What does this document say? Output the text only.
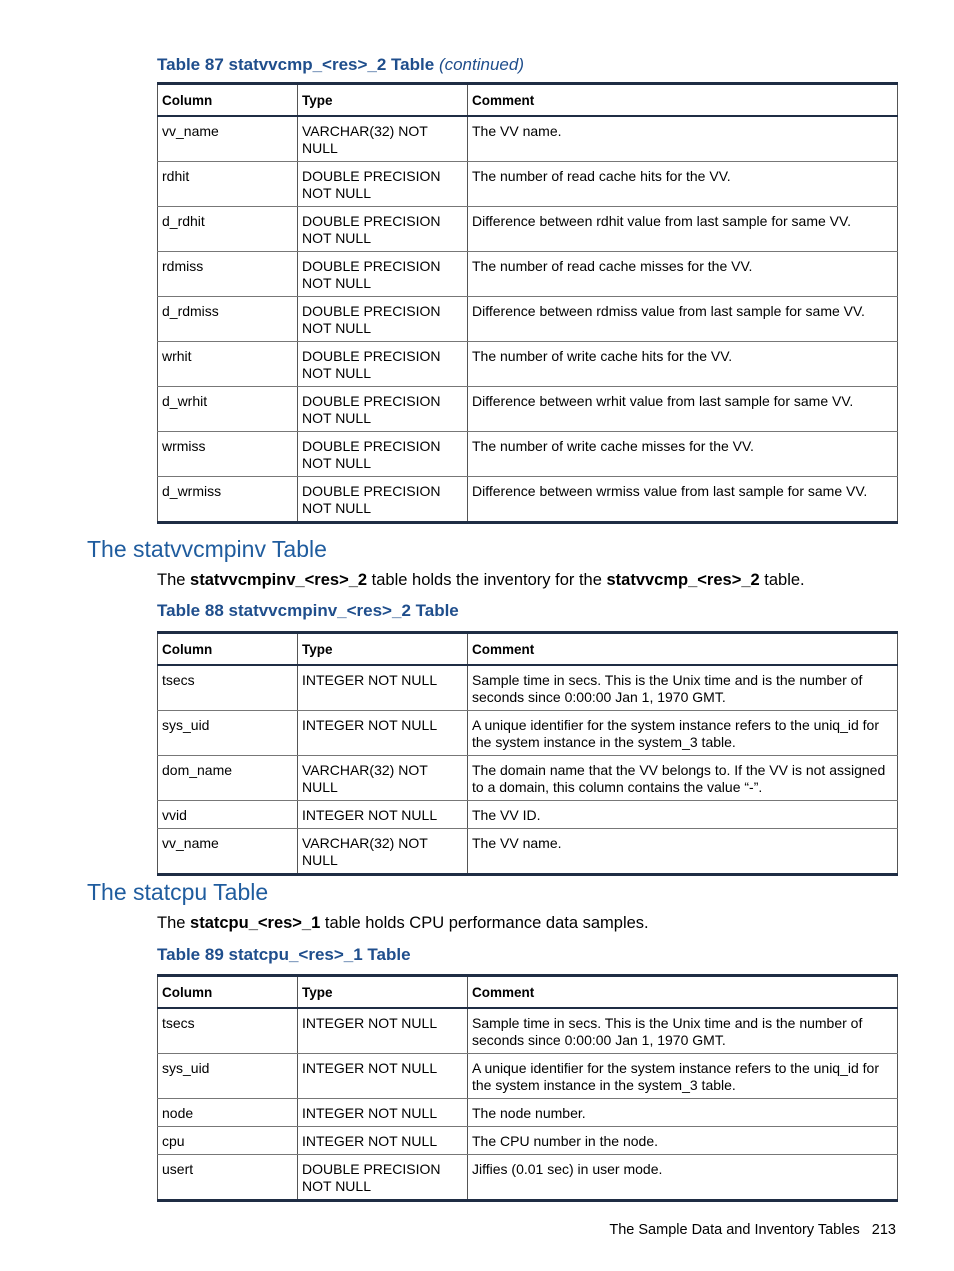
Table 87 statvvcmp_<res>_2 Table (continued)

Column	Type	Comment
vv_name	VARCHAR(32) NOT NULL	The VV name.
rdhit	DOUBLE PRECISION NOT NULL	The number of read cache hits for the VV.
d_rdhit	DOUBLE PRECISION NOT NULL	Difference between rdhit value from last sample for same VV.
rdmiss	DOUBLE PRECISION NOT NULL	The number of read cache misses for the VV.
d_rdmiss	DOUBLE PRECISION NOT NULL	Difference between rdmiss value from last sample for same VV.
wrhit	DOUBLE PRECISION NOT NULL	The number of write cache hits for the VV.
d_wrhit	DOUBLE PRECISION NOT NULL	Difference between wrhit value from last sample for same VV.
wrmiss	DOUBLE PRECISION NOT NULL	The number of write cache misses for the VV.
d_wrmiss	DOUBLE PRECISION NOT NULL	Difference between wrmiss value from last sample for same VV.
The statvvcmpinv Table

The statvvcmpinv_<res>_2 table holds the inventory for the statvvcmp_<res>_2 table.

Table 88 statvvcmpinv_<res>_2 Table

Column	Type	Comment
tsecs	INTEGER NOT NULL	Sample time in secs. This is the Unix time and is the number of seconds since 0:00:00 Jan 1, 1970 GMT.
sys_uid	INTEGER NOT NULL	A unique identifier for the system instance refers to the uniq_id for the system instance in the system_3 table.
dom_name	VARCHAR(32) NOT NULL	The domain name that the VV belongs to. If the VV is not assigned to a domain, this column contains the value “-”.
vvid	INTEGER NOT NULL	The VV ID.
vv_name	VARCHAR(32) NOT NULL	The VV name.
The statcpu Table

The statcpu_<res>_1 table holds CPU performance data samples.

Table 89 statcpu_<res>_1 Table

Column	Type	Comment
tsecs	INTEGER NOT NULL	Sample time in secs. This is the Unix time and is the number of seconds since 0:00:00 Jan 1, 1970 GMT.
sys_uid	INTEGER NOT NULL	A unique identifier for the system instance refers to the uniq_id for the system instance in the system_3 table.
node	INTEGER NOT NULL	The node number.
cpu	INTEGER NOT NULL	The CPU number in the node.
usert	DOUBLE PRECISION NOT NULL	Jiffies (0.01 sec) in user mode.

The Sample Data and Inventory Tables 213
